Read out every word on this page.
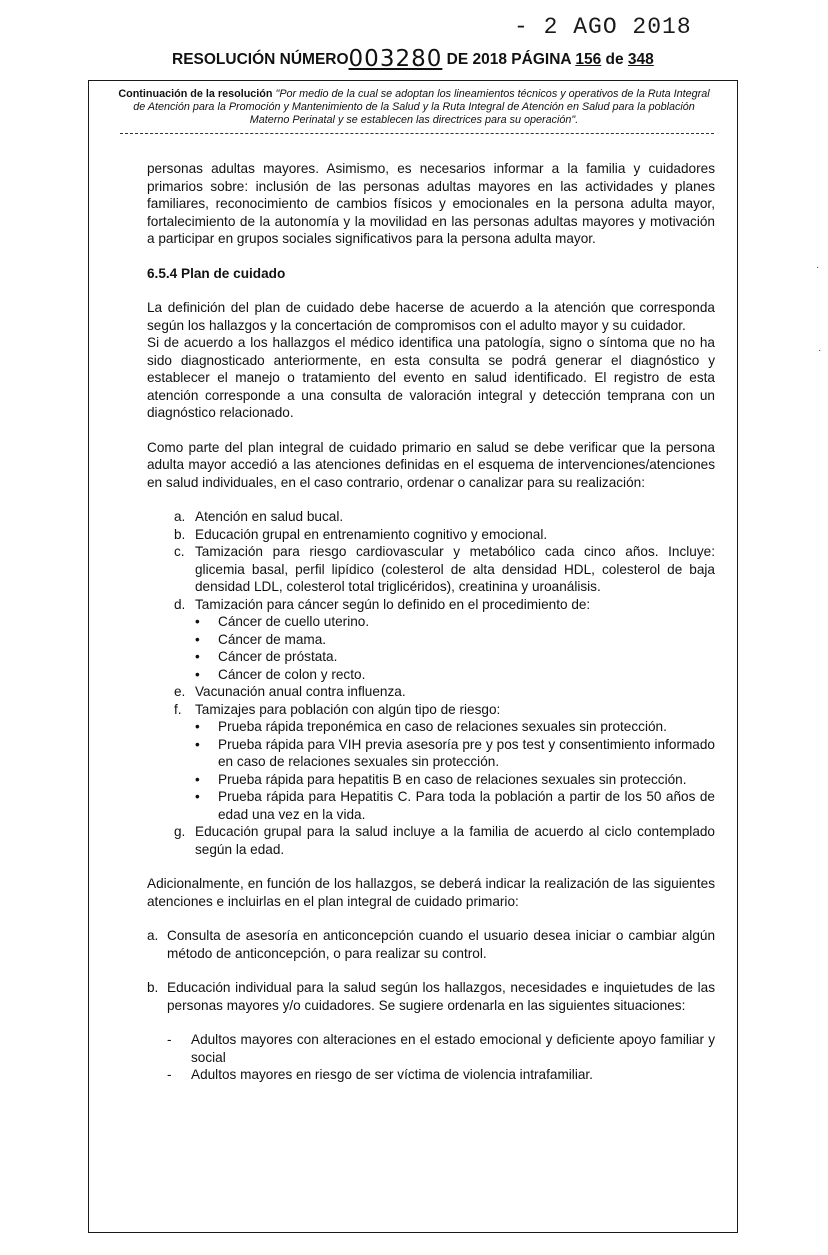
- 2 AGO 2018
RESOLUCIÓN NÚMERO003280 DE 2018 PÁGINA 156 de 348
Continuación de la resolución "Por medio de la cual se adoptan los lineamientos técnicos y operativos de la Ruta Integral de Atención para la Promoción y Mantenimiento de la Salud y la Ruta Integral de Atención en Salud para la población Materno Perinatal y se establecen las directrices para su operación".
·
·

personas adultas mayores. Asimismo, es necesarios informar a la familia y cuidadores primarios sobre: inclusión de las personas adultas mayores en las actividades y planes familiares, reconocimiento de cambios físicos y emocionales en la persona adulta mayor, fortalecimiento de la autonomía y la movilidad en las personas adultas mayores y motivación a participar en grupos sociales significativos para la persona adulta mayor.

6.5.4 Plan de cuidado

La definición del plan de cuidado debe hacerse de acuerdo a la atención que corresponda según los hallazgos y la concertación de compromisos con el adulto mayor y su cuidador.

Si de acuerdo a los hallazgos el médico identifica una patología, signo o síntoma que no ha sido diagnosticado anteriormente, en esta consulta se podrá generar el diagnóstico y establecer el manejo o tratamiento del evento en salud identificado. El registro de esta atención corresponde a una consulta de valoración integral y detección temprana con un diagnóstico relacionado.

Como parte del plan integral de cuidado primario en salud se debe verificar que la persona adulta mayor accedió a las atenciones definidas en el esquema de intervenciones/atenciones en salud individuales, en el caso contrario, ordenar o canalizar para su realización:

a. Atención en salud bucal.
b. Educación grupal en entrenamiento cognitivo y emocional.
c. Tamización para riesgo cardiovascular y metabólico cada cinco años. Incluye: glicemia basal, perfil lipídico (colesterol de alta densidad HDL, colesterol de baja densidad LDL, colesterol total triglicéridos), creatinina y uroanálisis.
d. Tamización para cáncer según lo definido en el procedimiento de:
•	Cáncer de cuello uterino.
•	Cáncer de mama.
•	Cáncer de próstata.
•	Cáncer de colon y recto.
e. Vacunación anual contra influenza.
f. Tamizajes para población con algún tipo de riesgo:
•	Prueba rápida treponémica en caso de relaciones sexuales sin protección.
•	Prueba rápida para VIH previa asesoría pre y pos test y consentimiento informado en caso de relaciones sexuales sin protección.
•	Prueba rápida para hepatitis B en caso de relaciones sexuales sin protección.
•	Prueba rápida para Hepatitis C. Para toda la población a partir de los 50 años de edad una vez en la vida.
g. Educación grupal para la salud incluye a la familia de acuerdo al ciclo contemplado según la edad.

Adicionalmente, en función de los hallazgos, se deberá indicar la realización de las siguientes atenciones e incluirlas en el plan integral de cuidado primario:

a. Consulta de asesoría en anticoncepción cuando el usuario desea iniciar o cambiar algún método de anticoncepción, o para realizar su control.
b. Educación individual para la salud según los hallazgos, necesidades e inquietudes de las personas mayores y/o cuidadores. Se sugiere ordenarla en las siguientes situaciones:
-	Adultos mayores con alteraciones en el estado emocional y deficiente apoyo familiar y social
-	Adultos mayores en riesgo de ser víctima de violencia intrafamiliar.
